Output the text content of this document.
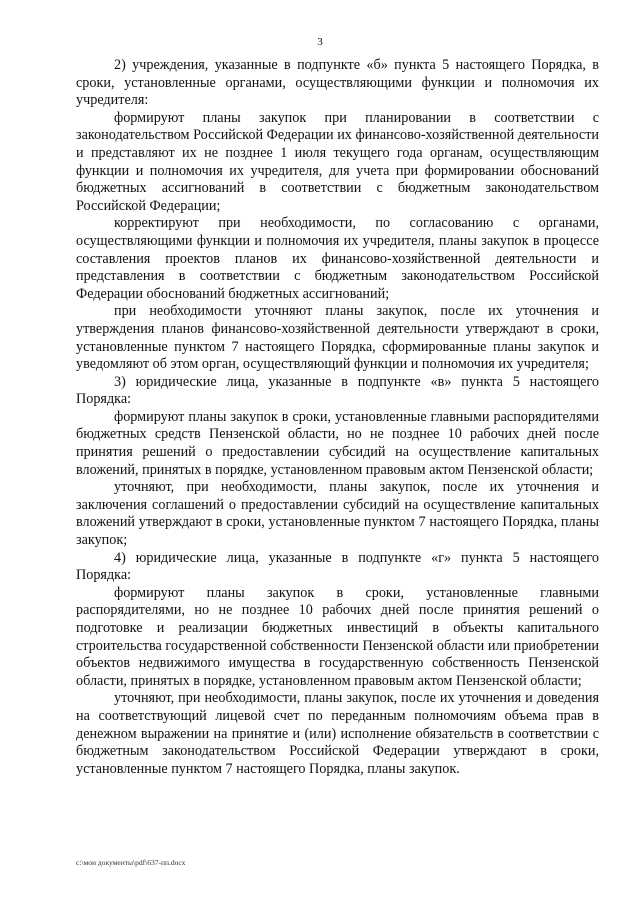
3

2) учреждения, указанные в подпункте «б» пункта 5 настоящего Порядка, в сроки, установленные органами, осуществляющими функции и полномочия их учредителя:

формируют планы закупок при планировании в соответствии с законодательством Российской Федерации их финансово-хозяйственной деятельности и представляют их не позднее 1 июля текущего года органам, осуществляющим функции и полномочия их учредителя, для учета при формировании обоснований бюджетных ассигнований в соответствии с бюджетным законодательством Российской Федерации;

корректируют при необходимости, по согласованию с органами, осуществляющими функции и полномочия их учредителя, планы закупок в процессе составления проектов планов их финансово-хозяйственной деятельности и представления в соответствии с бюджетным законодательством Российской Федерации обоснований бюджетных ассигнований;

при необходимости уточняют планы закупок, после их уточнения и утверждения планов финансово-хозяйственной деятельности утверждают в сроки, установленные пунктом 7 настоящего Порядка, сформированные планы закупок и уведомляют об этом орган, осуществляющий функции и полномочия их учредителя;

3) юридические лица, указанные в подпункте «в» пункта 5 настоящего Порядка:

формируют планы закупок в сроки, установленные главными распорядителями бюджетных средств Пензенской области, но не позднее 10 рабочих дней после принятия решений о предоставлении субсидий на осуществление капитальных вложений, принятых в порядке, установленном правовым актом Пензенской области;

уточняют, при необходимости, планы закупок, после их уточнения и заключения соглашений о предоставлении субсидий на осуществление капитальных вложений утверждают в сроки, установленные пунктом 7 настоящего Порядка, планы закупок;

4) юридические лица, указанные в подпункте «г» пункта 5 настоящего Порядка:

формируют планы закупок в сроки, установленные главными распорядителями, но не позднее 10 рабочих дней после принятия решений о подготовке и реализации бюджетных инвестиций в объекты капитального строительства государственной собственности Пензенской области или приобретении объектов недвижимого имущества в государственную собственность Пензенской области, принятых в порядке, установленном правовым актом Пензенской области;

уточняют, при необходимости, планы закупок, после их уточнения и доведения на соответствующий лицевой счет по переданным полномочиям объема прав в денежном выражении на принятие и (или) исполнение обязательств в соответствии с бюджетным законодательством Российской Федерации утверждают в сроки, установленные пунктом 7 настоящего Порядка, планы закупок.

c:\мои документы\pdf\637-пп.docx
